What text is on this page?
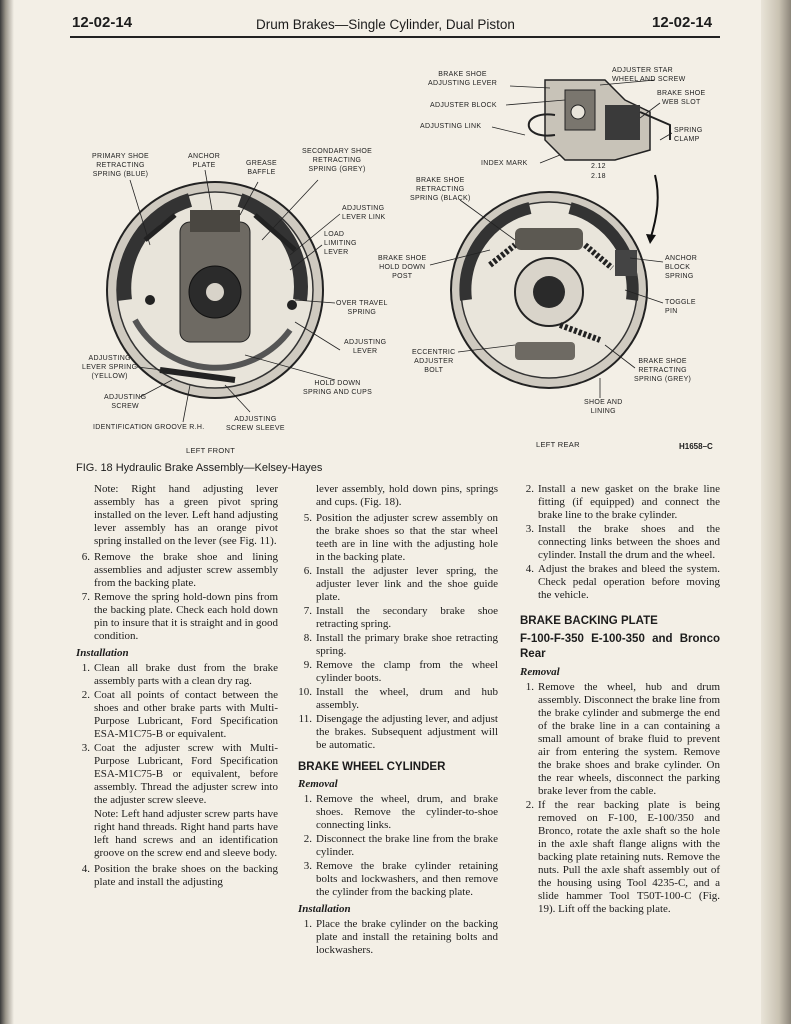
12-02-14	Drum Brakes—Single Cylinder, Dual Piston	12-02-14
PRIMARY SHOE
RETRACTING
SPRING (BLUE)
ANCHOR
PLATE	GREASE
BAFFLE
SECONDARY SHOE
RETRACTING
SPRING (GREY)
ADJUSTING
LEVER LINK
LOAD
LIMITING
LEVER
OVER TRAVEL
SPRING
ADJUSTING
LEVER
HOLD DOWN
SPRING AND CUPS
ADJUSTING
LEVER SPRING
(YELLOW)
ADJUSTING
SCREW
IDENTIFICATION GROOVE R.H.
ADJUSTING
SCREW SLEEVE
LEFT FRONT
BRAKE SHOE
ADJUSTING LEVER
ADJUSTER BLOCK
ADJUSTING LINK
INDEX MARK
ADJUSTER STAR
WHEEL AND SCREW
BRAKE SHOE
WEB SLOT
SPRING
CLAMP
2.12
2.18
BRAKE SHOE
RETRACTING
SPRING (BLACK)
BRAKE SHOE
HOLD DOWN
POST
ANCHOR
BLOCK
SPRING
TOGGLE
PIN
ECCENTRIC
ADJUSTER
BOLT
BRAKE SHOE
RETRACTING
SPRING (GREY)
SHOE AND
LINING
LEFT REAR	H1658–C
FIG. 18 Hydraulic Brake Assembly—Kelsey-Hayes

Note: Right hand adjusting lever assembly has a green pivot spring installed on the lever. Left hand adjusting lever assembly has an orange pivot spring installed on the lever (see Fig. 11).

6. Remove the brake shoe and lining assemblies and adjuster screw assembly from the backing plate.
7. Remove the spring hold-down pins from the backing plate. Check each hold down pin to insure that it is straight and in good condition.
Installation
1. Clean all brake dust from the brake assembly parts with a clean dry rag.
2. Coat all points of contact between the shoes and other brake parts with Multi-Purpose Lubricant, Ford Specification ESA-M1C75-B or equivalent.
3. Coat the adjuster screw with Multi-Purpose Lubricant, Ford Specification ESA-M1C75-B or equivalent, before assembly. Thread the adjuster screw into the adjuster screw sleeve.

Note: Left hand adjuster screw parts have right hand threads. Right hand parts have left hand screws and an identification groove on the screw end and sleeve body.

4. Position the brake shoes on the backing plate and install the adjusting

lever assembly, hold down pins, springs and cups. (Fig. 18).

5. Position the adjuster screw assembly on the brake shoes so that the star wheel teeth are in line with the adjusting hole in the backing plate.
6. Install the adjuster lever spring, the adjuster lever link and the shoe guide plate.
7. Install the secondary brake shoe retracting spring.
8. Install the primary brake shoe retracting spring.
9. Remove the clamp from the wheel cylinder boots.
10. Install the wheel, drum and hub assembly.
11. Disengage the adjusting lever, and adjust the brakes. Subsequent adjustment will be automatic.
BRAKE WHEEL CYLINDER
Removal
1. Remove the wheel, drum, and brake shoes. Remove the cylinder-to-shoe connecting links.
2. Disconnect the brake line from the brake cylinder.
3. Remove the brake cylinder retaining bolts and lockwashers, and then remove the cylinder from the backing plate.
Installation
1. Place the brake cylinder on the backing plate and install the retaining bolts and lockwashers.
2. Install a new gasket on the brake line fitting (if equipped) and connect the brake line to the brake cylinder.
3. Install the brake shoes and the connecting links between the shoes and cylinder. Install the drum and the wheel.
4. Adjust the brakes and bleed the system. Check pedal operation before moving the vehicle.
BRAKE BACKING PLATE
F-100-F-350 E-100-350 and Bronco Rear
Removal
1. Remove the wheel, hub and drum assembly. Disconnect the brake line from the brake cylinder and submerge the end of the brake line in a can containing a small amount of brake fluid to prevent air from entering the system. Remove the brake shoes and brake cylinder. On the rear wheels, disconnect the parking brake lever from the cable.
2. If the rear backing plate is being removed on F-100, E-100/350 and Bronco, rotate the axle shaft so the hole in the axle shaft flange aligns with the backing plate retaining nuts. Remove the nuts. Pull the axle shaft assembly out of the housing using Tool 4235-C, and a slide hammer Tool T50T-100-C (Fig. 19). Lift off the backing plate.
